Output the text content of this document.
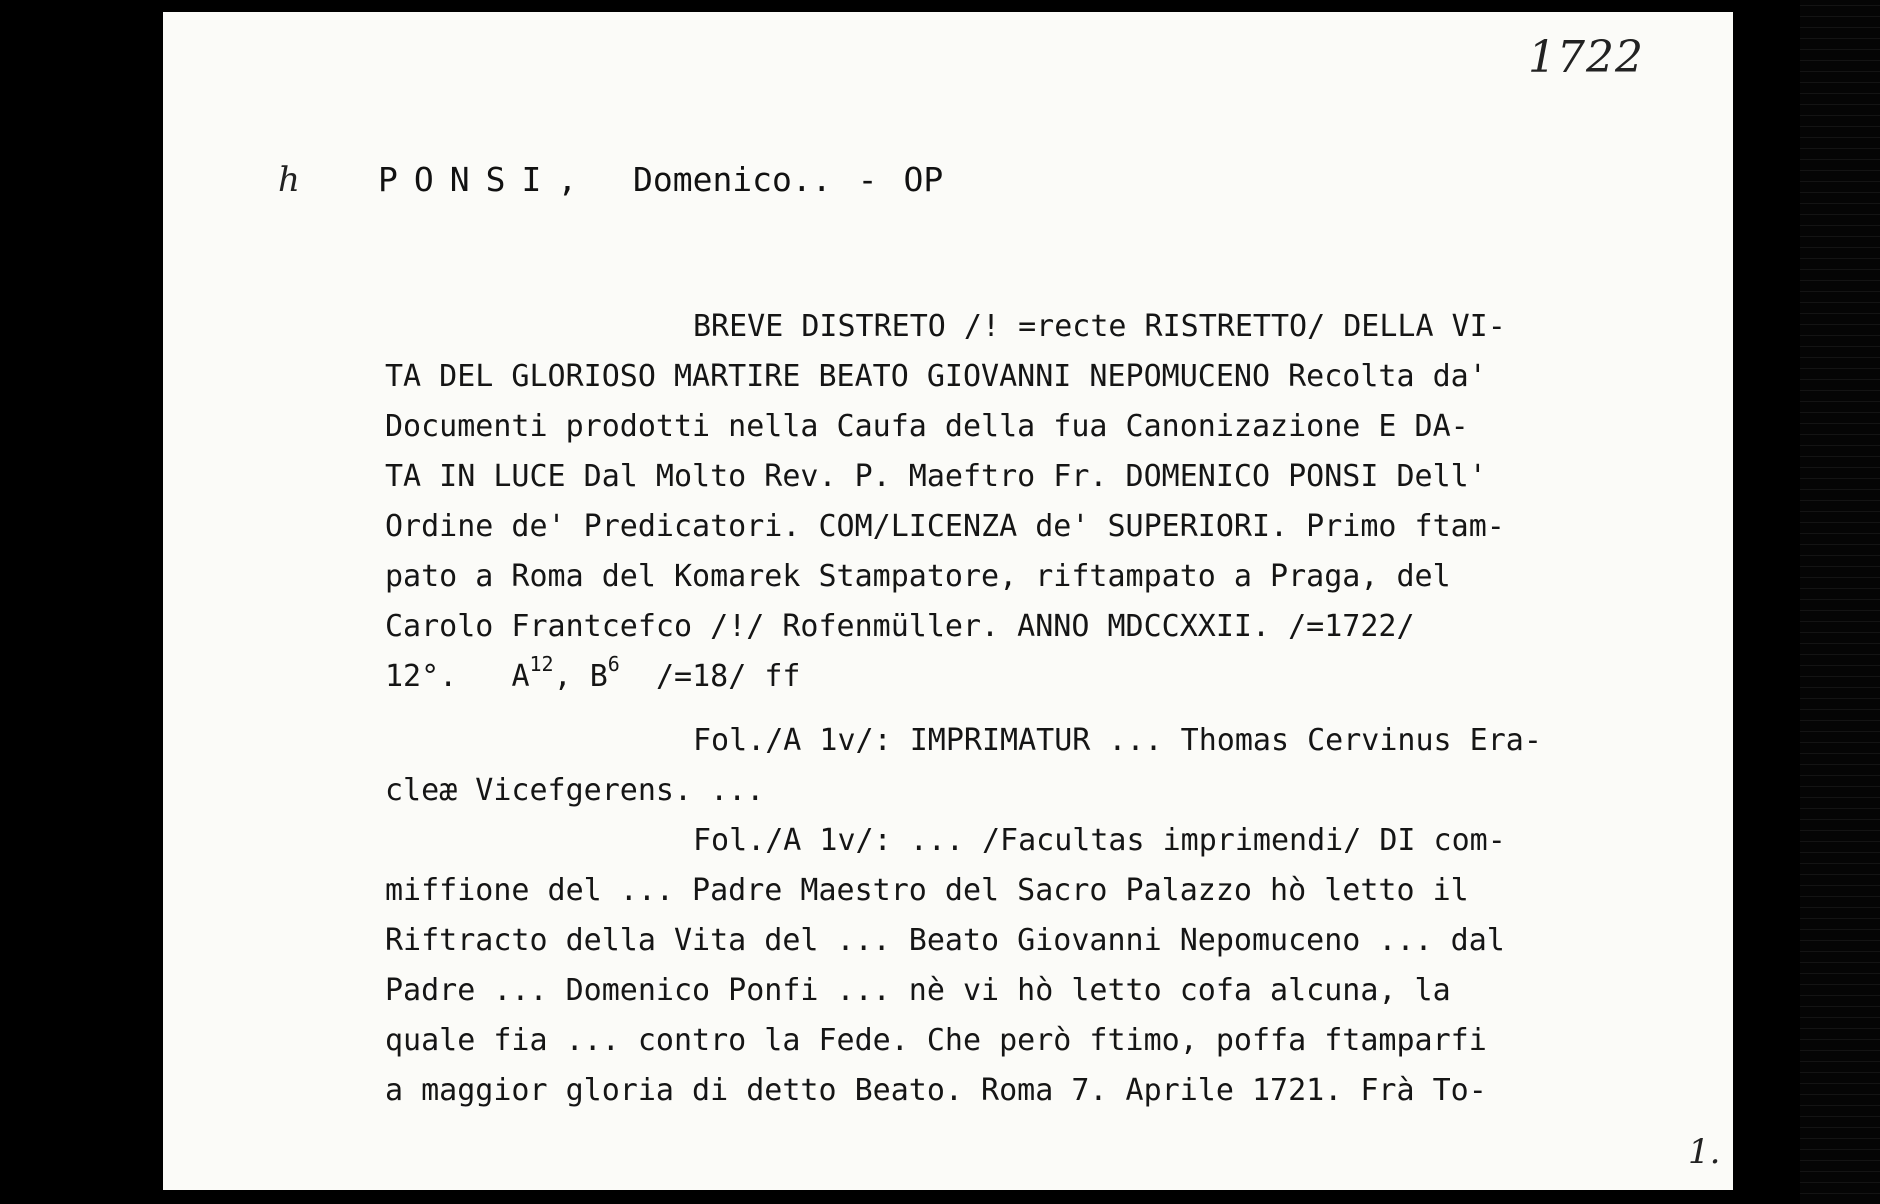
1722
h
1.
PONSI, Domenico.. - OP
BREVE DISTRETO /! =recte RISTRETTO/ DELLA VI-
TA DEL GLORIOSO MARTIRE BEATO GIOVANNI NEPOMUCENO Recolta da'
Documenti prodotti nella Caufa della fua Canonizazione E DA-
TA IN LUCE Dal Molto Rev. P. Maeftro Fr. DOMENICO PONSI Dell'
Ordine de' Predicatori. COM/LICENZA de' SUPERIORI. Primo ftam-
pato a Roma del Komarek Stampatore, riftampato a Praga, del
Carolo Frantcefco /!/ Rofenmüller. ANNO MDCCXXII. /=1722/
12°. $A^{12}$, $B^6$ /=18/ ff
Fol./A 1v/: IMPRIMATUR ... Thomas Cervinus Era-
cleæ Vicefgerens. ...
Fol./A 1v/: ... /Facultas imprimendi/ DI com-
miffione del ... Padre Maestro del Sacro Palazzo hò letto il
Riftracto della Vita del ... Beato Giovanni Nepomuceno ... dal
Padre ... Domenico Ponfi ... nè vi hò letto cofa alcuna, la
quale fia ... contro la Fede. Che però ftimo, poffa ftamparfi
a maggior gloria di detto Beato. Roma 7. Aprile 1721. Frà To-
